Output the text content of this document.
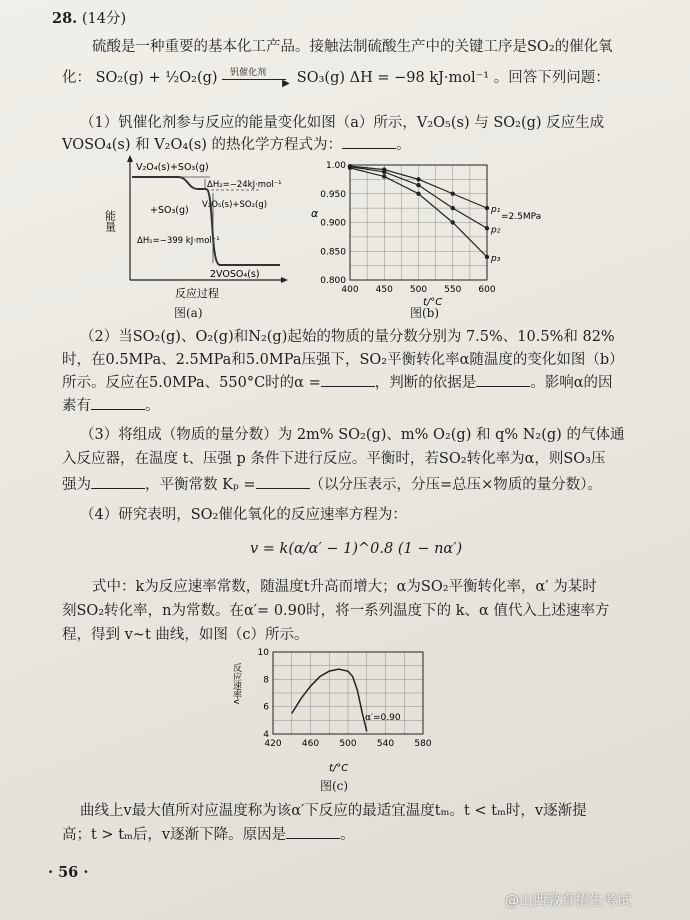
28. (14分)
硫酸是一种重要的基本化工产品。接触法制硫酸生产中的关键工序是SO₂的催化氧
化： SO₂(g) + ½O₂(g) 钒催化剂
▶ SO₃(g) ΔH = −98 kJ·mol⁻¹ 。回答下列问题：
（1）钒催化剂参与反应的能量变化如图（a）所示，V₂O₅(s) 与 SO₂(g) 反应生成
VOSO₄(s) 和 V₂O₄(s) 的热化学方程式为：	。
能量
反应过程
V₂O₄(s)+SO₃(g)
ΔH₂=−24kJ·mol⁻¹
V₂O₅(s)+SO₂(g)
+SO₃(g)
ΔH₁=−399 kJ·mol⁻¹
2VOSO₄(s)
图(a)
0.800
0.850
0.900
0.950
1.00
400 450 500 550 600
p₁
p₂
p₃
α
t/°C
=2.5MPa
图(b)
（2）当SO₂(g)、O₂(g)和N₂(g)起始的物质的量分数分别为 7.5%、10.5%和 82%
时，在0.5MPa、2.5MPa和5.0MPa压强下，SO₂平衡转化率α随温度的变化如图（b）
所示。反应在5.0MPa、550°C时的α =	，判断的依据是	。影响α的因
素有	。
（3）将组成（物质的量分数）为 2m% SO₂(g)、m% O₂(g) 和 q% N₂(g) 的气体通
入反应器，在温度 t、压强 p 条件下进行反应。平衡时，若SO₂转化率为α，则SO₃压
强为	，平衡常数 Kₚ =	（以分压表示，分压=总压×物质的量分数）。
（4）研究表明，SO₂催化氧化的反应速率方程为：
v = k(α/α′ − 1)^0.8 (1 − nα′)
式中：k为反应速率常数，随温度t升高而增大；α为SO₂平衡转化率，α′ 为某时
刻SO₂转化率，n为常数。在α′= 0.90时，将一系列温度下的 k、α 值代入上述速率方
程，得到 v~t 曲线，如图（c）所示。
4
6
8
10
420 460 500 540 580
反应速率v
t/°C
α′=0.90
图(c)
曲线上v最大值所对应温度称为该α′下反应的最适宜温度tₘ。t < tₘ时，v逐渐提
高；t > tₘ后，v逐渐下降。原因是	。
· 56 ·
@山西教育招生考试
